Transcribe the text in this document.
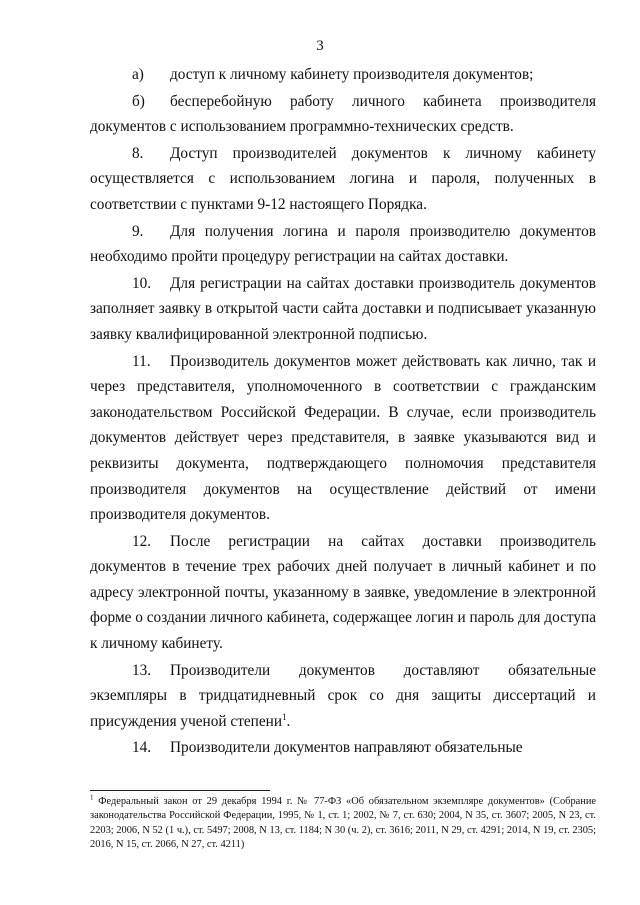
3

а) доступ к личному кабинету производителя документов;

б) бесперебойную работу личного кабинета производителя документов с использованием программно-технических средств.

8. Доступ производителей документов к личному кабинету осуществляется с использованием логина и пароля, полученных в соответствии с пунктами 9-12 настоящего Порядка.

9. Для получения логина и пароля производителю документов необходимо пройти процедуру регистрации на сайтах доставки.

10. Для регистрации на сайтах доставки производитель документов заполняет заявку в открытой части сайта доставки и подписывает указанную заявку квалифицированной электронной подписью.

11. Производитель документов может действовать как лично, так и через представителя, уполномоченного в соответствии с гражданским законодательством Российской Федерации. В случае, если производитель документов действует через представителя, в заявке указываются вид и реквизиты документа, подтверждающего полномочия представителя производителя документов на осуществление действий от имени производителя документов.

12. После регистрации на сайтах доставки производитель документов в течение трех рабочих дней получает в личный кабинет и по адресу электронной почты, указанному в заявке, уведомление в электронной форме о создании личного кабинета, содержащее логин и пароль для доступа к личному кабинету.

13. Производители документов доставляют обязательные экземпляры в тридцатидневный срок со дня защиты диссертаций и присуждения ученой степени$^1$.

14. Производители документов направляют обязательные

$^1$ Федеральный закон от 29 декабря 1994 г. № 77-ФЗ «Об обязательном экземпляре документов» (Собрание законодательства Российской Федерации, 1995, № 1, ст. 1; 2002, № 7, ст. 630; 2004, N 35, ст. 3607; 2005, N 23, ст. 2203; 2006, N 52 (1 ч.), ст. 5497; 2008, N 13, ст. 1184; N 30 (ч. 2), ст. 3616; 2011, N 29, ст. 4291; 2014, N 19, ст. 2305; 2016, N 15, ст. 2066, N 27, ст. 4211)
